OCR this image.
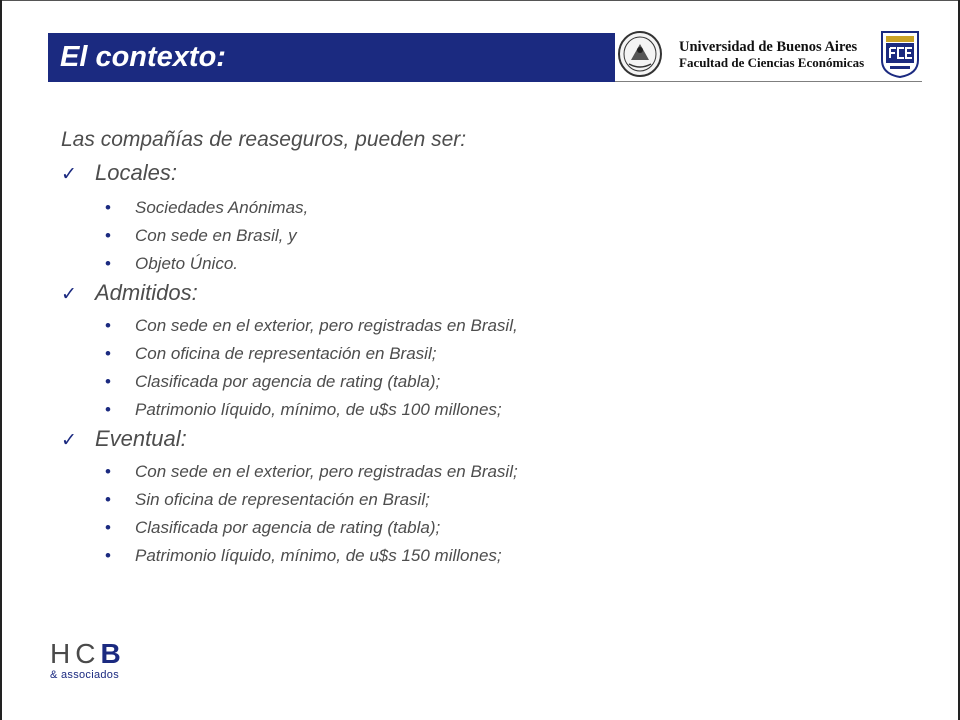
El contexto:	Universidad de Buenos Aires
Facultad de Ciencias Económicas
Las compañías de reaseguros, pueden ser:
✓ Locales:
• Sociedades Anónimas,
• Con sede en Brasil, y
• Objeto Único.
✓ Admitidos:
• Con sede en el exterior, pero registradas en Brasil,
• Con oficina de representación en Brasil;
• Clasificada por agencia de rating (tabla);
• Patrimonio líquido, mínimo, de u$s 100 millones;
✓ Eventual:
• Con sede en el exterior, pero registradas en Brasil;
• Sin oficina de representación en Brasil;
• Clasificada por agencia de rating (tabla);
• Patrimonio líquido, mínimo, de u$s 150 millones;
HCB
& associados
